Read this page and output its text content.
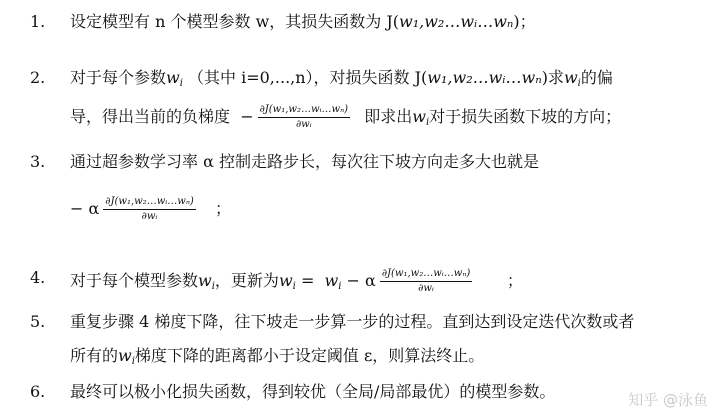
1. 设定模型有 n 个模型参数 w，其损失函数为 J(w₁,w₂…wᵢ…wₙ)；
2. 对于每个参数$w_i$ （其中 i=0,...,n），对损失函数 J(w₁,w₂…wᵢ…wₙ)求$w_i$的偏
导，得出当前的负梯度 − $\frac{\text{∂J(w₁,w₂…wᵢ…wₙ)}}{\text{∂wᵢ}}$ 即求出$w_i$对于损失函数下坡的方向；
3. 通过超参数学习率 α 控制走路步长，每次往下坡方向走多大也就是
− α $\frac{\text{∂J(w₁,w₂…wᵢ…wₙ)}}{\text{∂wᵢ}}$ ；
4. 对于每个模型参数$w_i$，更新为$w_i = w_i - \alpha \frac{\text{∂J(w₁,w₂…wᵢ…wₙ)}}{\text{∂wᵢ}}$ ；
5. 重复步骤 4 梯度下降，往下坡走一步算一步的过程。直到达到设定迭代次数或者
所有的$w_i$梯度下降的距离都小于设定阈值 ε，则算法终止。
6. 最终可以极小化损失函数，得到较优（全局/局部最优）的模型参数。	知乎 @泳鱼
